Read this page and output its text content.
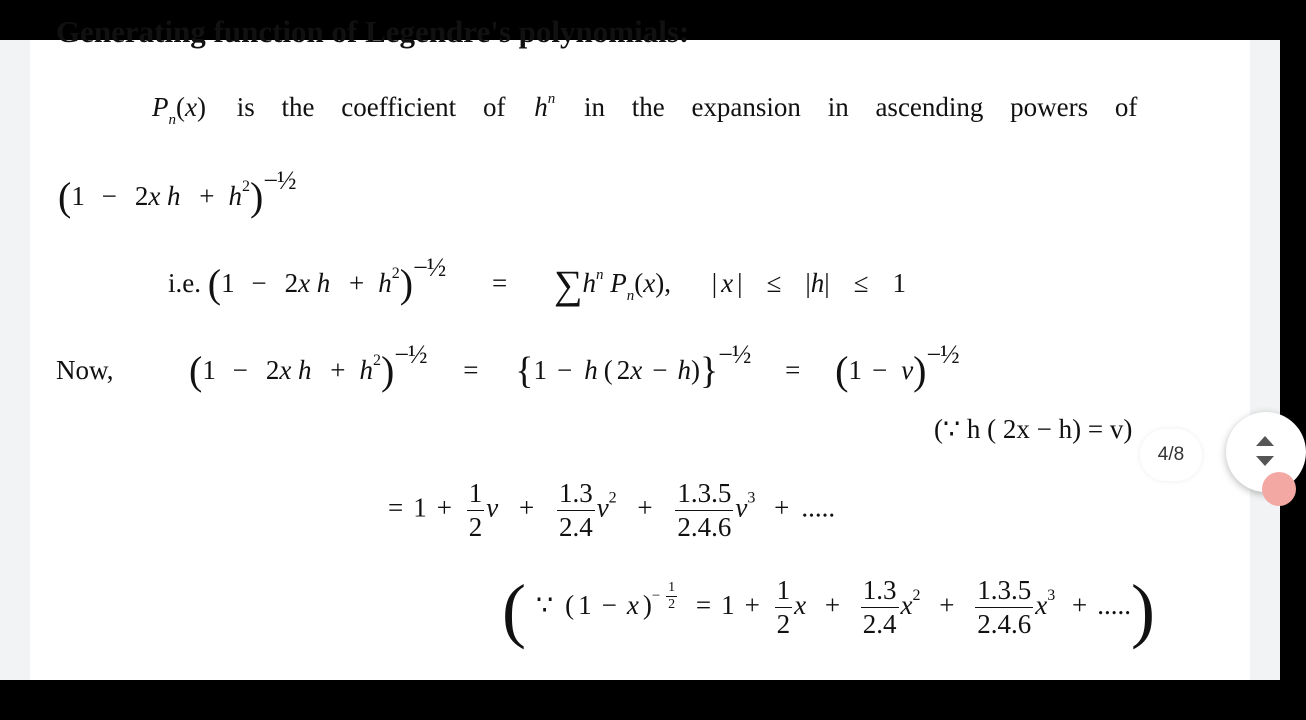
Generating function of Legendre's polynomials:
$P_n(x)$ is the coefficient of $h^n$ in the expansion in ascending powers of
(1 − 2x $h + h^2)-\frac{1}{2}$
i.e. (1 − 2x $h + h^2)-\frac{1}{2} = \sum h^n$ $P_n(x)$, | x | ≤ |h| ≤ 1
Now, (1 − 2x $h + h^2)-\frac{1}{2} = \{1 - h$ ( 2x − h)}−½ = (1 − v)−½
(∵ h ( 2x − h) = v)
= $1 + \frac{1}{2}$ $v + \frac{1.3}{2.4} v^2 + \frac{1.3.5}{2.4.6} v^3$ + .....
( ∵ ( 1 − x )$^{- \frac{1}{2}} = 1 + \frac{1}{2}$ $x + \frac{1.3}{2.4} x^2 + \frac{1.3.5}{2.4.6} x^3$ + .....)
4/8
